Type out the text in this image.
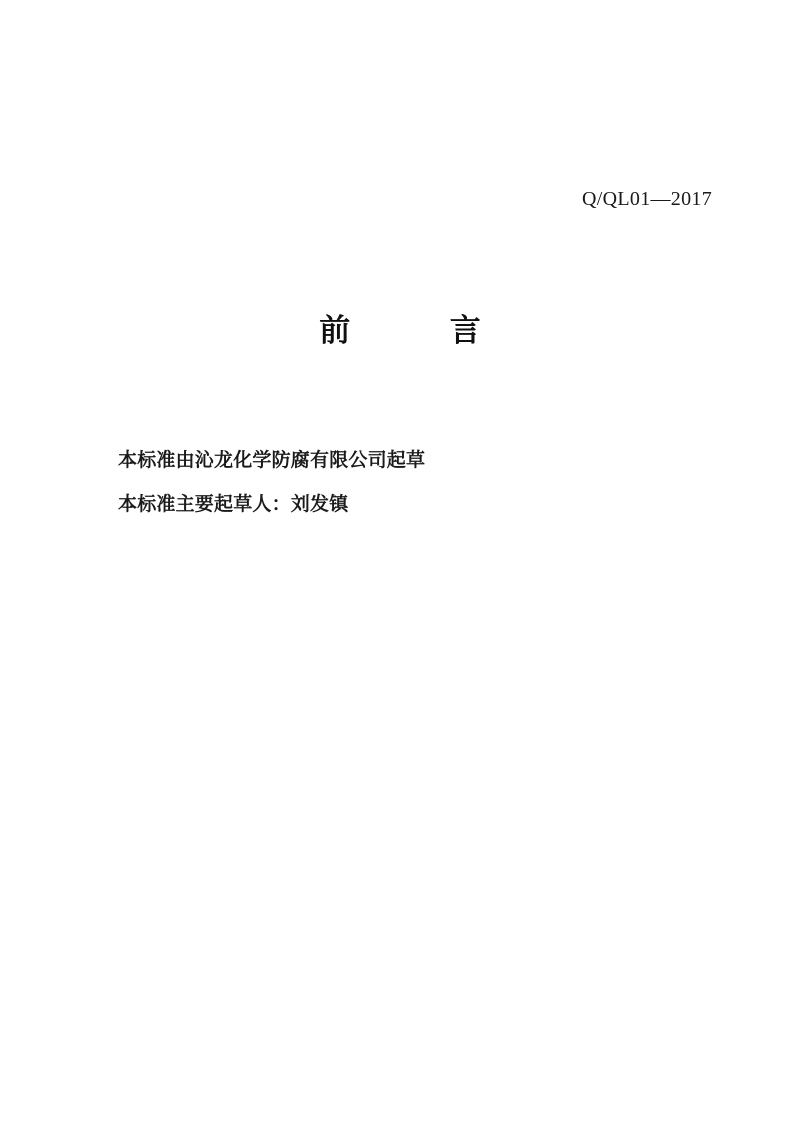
Q/QL01—2017
前	言
本标准由沁龙化学防腐有限公司起草
本标准主要起草人：刘发镇
